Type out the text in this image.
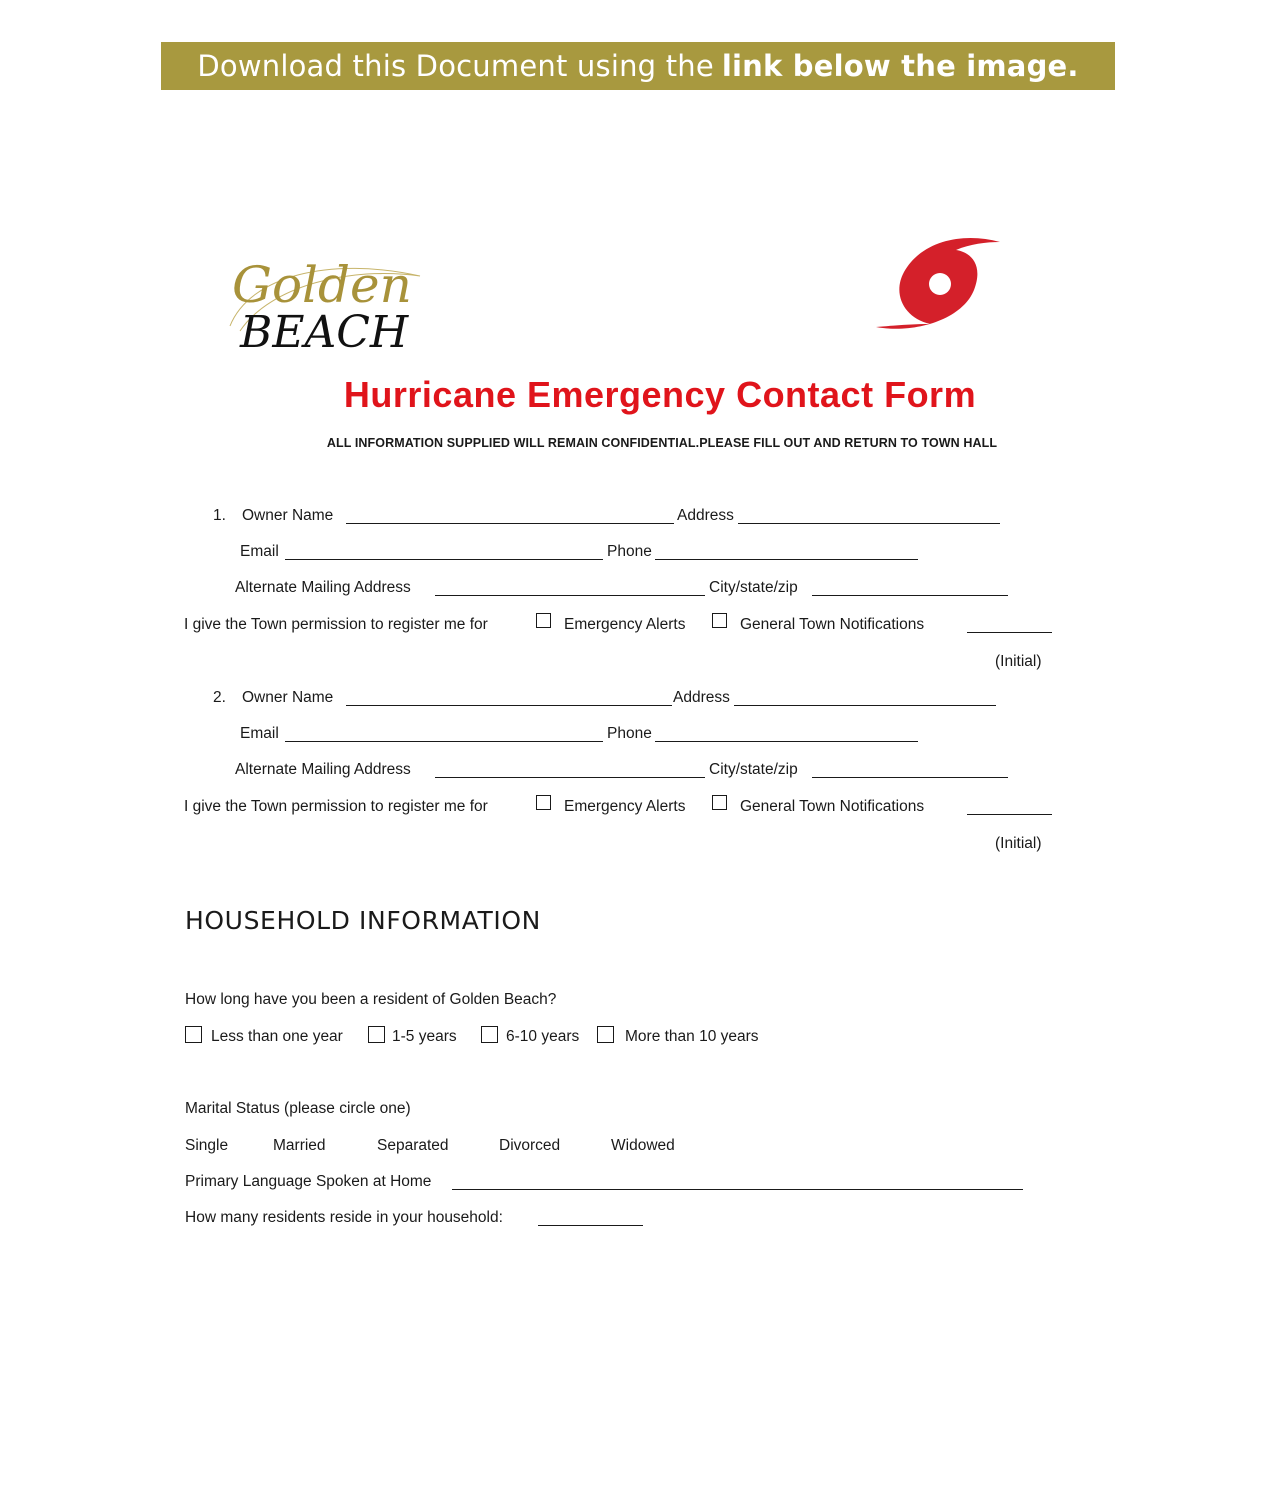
Download this Document using the link below the image.
Golden
BEACH
Hurricane Emergency Contact Form
ALL INFORMATION SUPPLIED WILL REMAIN CONFIDENTIAL.PLEASE FILL OUT AND RETURN TO TOWN HALL
1. Owner Name	Address
Email	Phone
Alternate Mailing Address	City/state/zip
I give the Town permission to register me for	Emergency Alerts	General Town Notifications
(Initial)
2. Owner Name	Address
Email	Phone
Alternate Mailing Address	City/state/zip
I give the Town permission to register me for	Emergency Alerts	General Town Notifications
(Initial)
HOUSEHOLD INFORMATION
How long have you been a resident of Golden Beach?
Less than one year	1-5 years	6-10 years	More than 10 years
Marital Status (please circle one)
Single	Married	Separated	Divorced	Widowed
Primary Language Spoken at Home
How many residents reside in your household:
